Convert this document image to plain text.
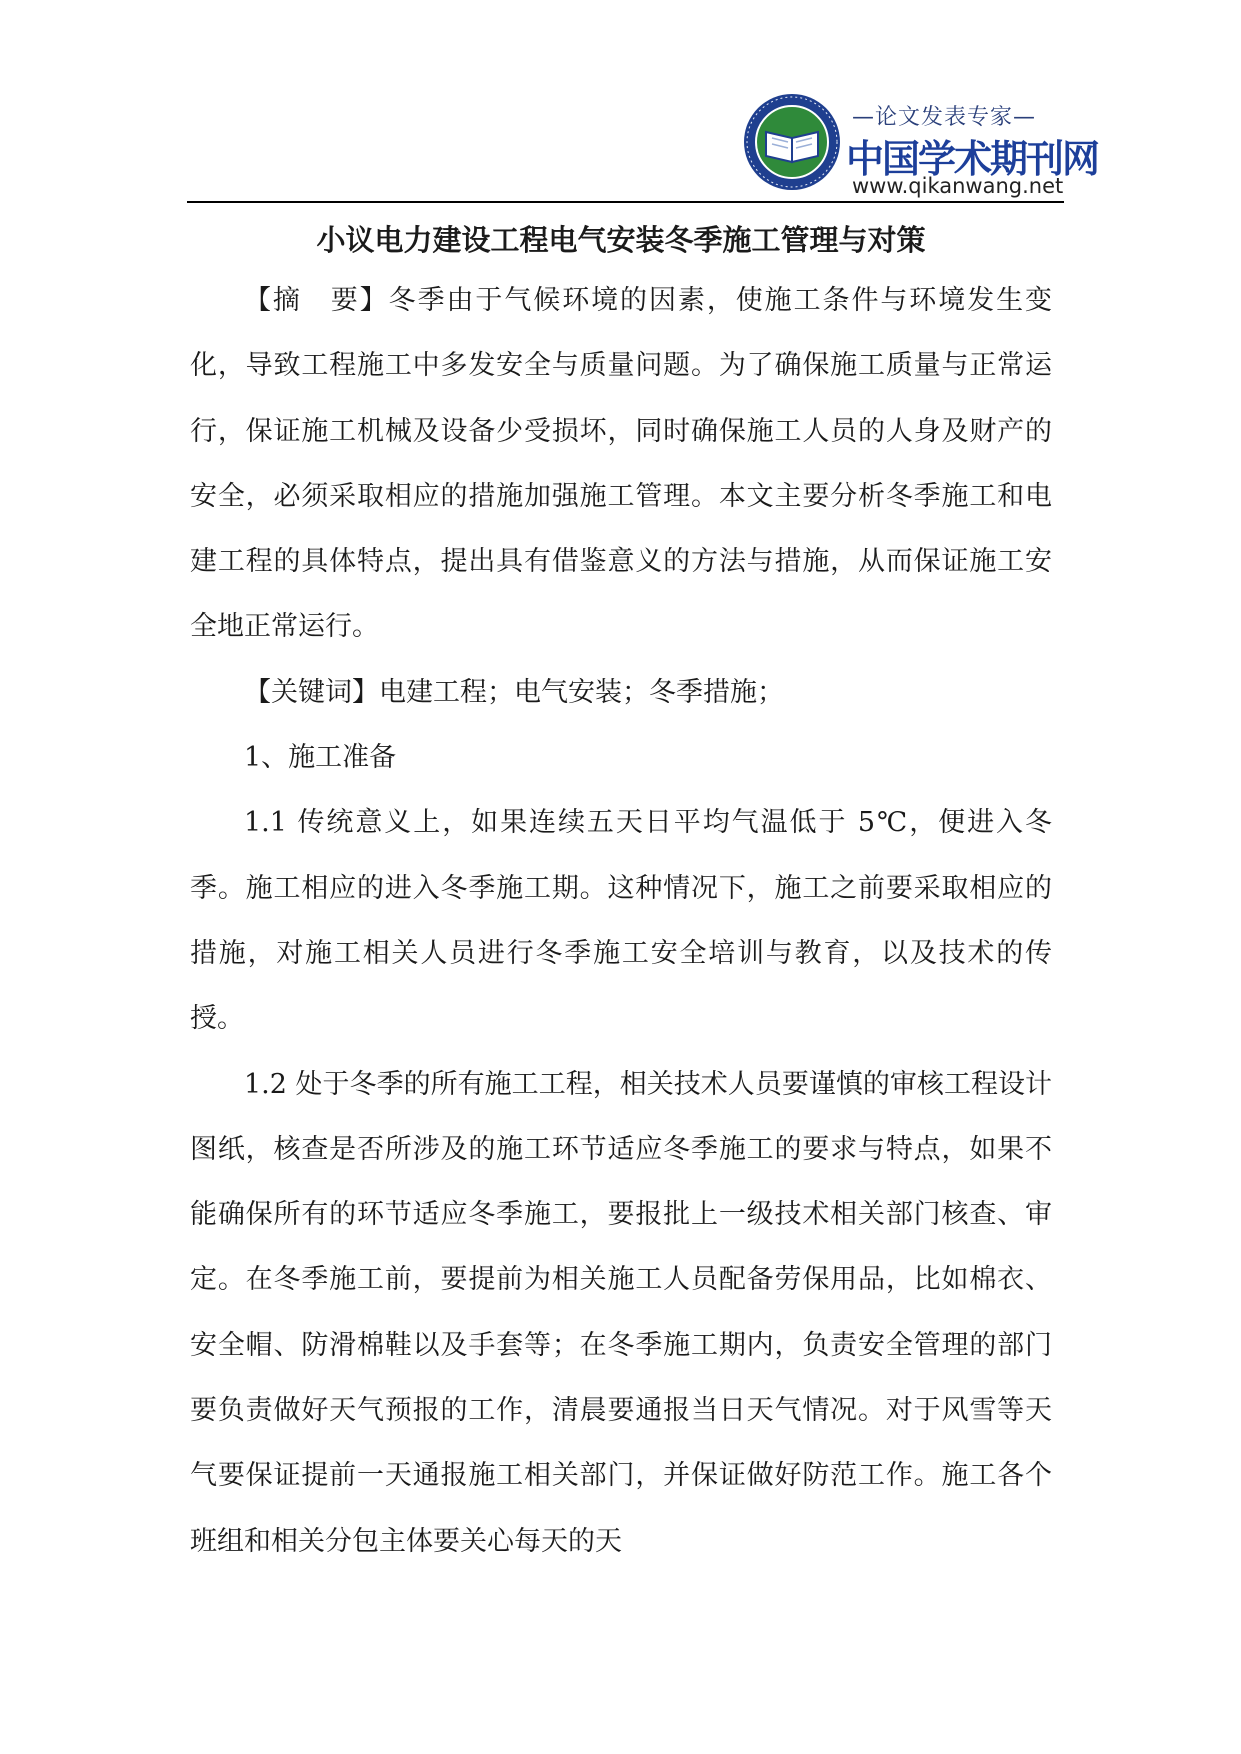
—论文发表专家—
中国学术期刊网
www.qikanwang.net
小议电力建设工程电气安装冬季施工管理与对策

【摘　要】冬季由于气候环境的因素，使施工条件与环境发生变化，导致工程施工中多发安全与质量问题。为了确保施工质量与正常运行，保证施工机械及设备少受损坏，同时确保施工人员的人身及财产的安全，必须采取相应的措施加强施工管理。本文主要分析冬季施工和电建工程的具体特点，提出具有借鉴意义的方法与措施，从而保证施工安全地正常运行。

【关键词】电建工程；电气安装；冬季措施；

1、施工准备

1.1 传统意义上，如果连续五天日平均气温低于 5℃，便进入冬季。施工相应的进入冬季施工期。这种情况下，施工之前要采取相应的措施，对施工相关人员进行冬季施工安全培训与教育，以及技术的传授。

1.2 处于冬季的所有施工工程，相关技术人员要谨慎的审核工程设计图纸，核查是否所涉及的施工环节适应冬季施工的要求与特点，如果不能确保所有的环节适应冬季施工，要报批上一级技术相关部门核查、审定。在冬季施工前，要提前为相关施工人员配备劳保用品，比如棉衣、安全帽、防滑棉鞋以及手套等；在冬季施工期内，负责安全管理的部门要负责做好天气预报的工作，清晨要通报当日天气情况。对于风雪等天气要保证提前一天通报施工相关部门，并保证做好防范工作。施工各个班组和相关分包主体要关心每天的天
